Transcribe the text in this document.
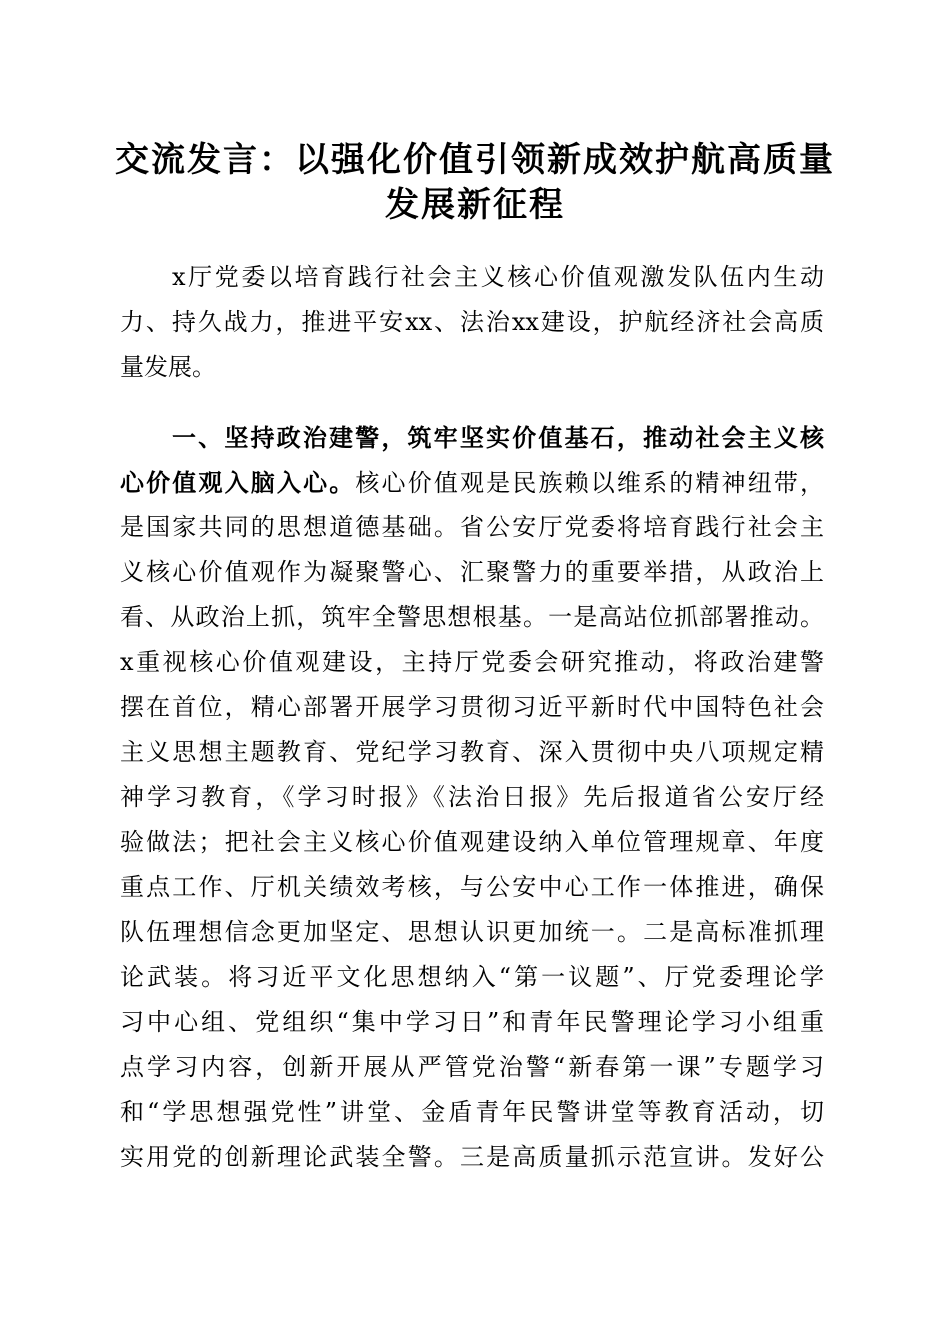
交流发言：以强化价值引领新成效护航高质量
发展新征程
x厅党委以培育践行社会主义核心价值观激发队伍内生动
力、持久战力，推进平安xx、法治xx建设，护航经济社会高质
量发展。
一、坚持政治建警，筑牢坚实价值基石，推动社会主义核
心价值观入脑入心。核心价值观是民族赖以维系的精神纽带，
是国家共同的思想道德基础。省公安厅党委将培育践行社会主
义核心价值观作为凝聚警心、汇聚警力的重要举措，从政治上
看、从政治上抓，筑牢全警思想根基。一是高站位抓部署推动。
x重视核心价值观建设，主持厅党委会研究推动，将政治建警
摆在首位，精心部署开展学习贯彻习近平新时代中国特色社会
主义思想主题教育、党纪学习教育、深入贯彻中央八项规定精
神学习教育，《学习时报》《法治日报》先后报道省公安厅经
验做法；把社会主义核心价值观建设纳入单位管理规章、年度
重点工作、厅机关绩效考核，与公安中心工作一体推进，确保
队伍理想信念更加坚定、思想认识更加统一。二是高标准抓理
论武装。将习近平文化思想纳入“第一议题”、厅党委理论学
习中心组、党组织“集中学习日”和青年民警理论学习小组重
点学习内容，创新开展从严管党治警“新春第一课”专题学习
和“学思想强党性”讲堂、金盾青年民警讲堂等教育活动，切
实用党的创新理论武装全警。三是高质量抓示范宣讲。发好公
